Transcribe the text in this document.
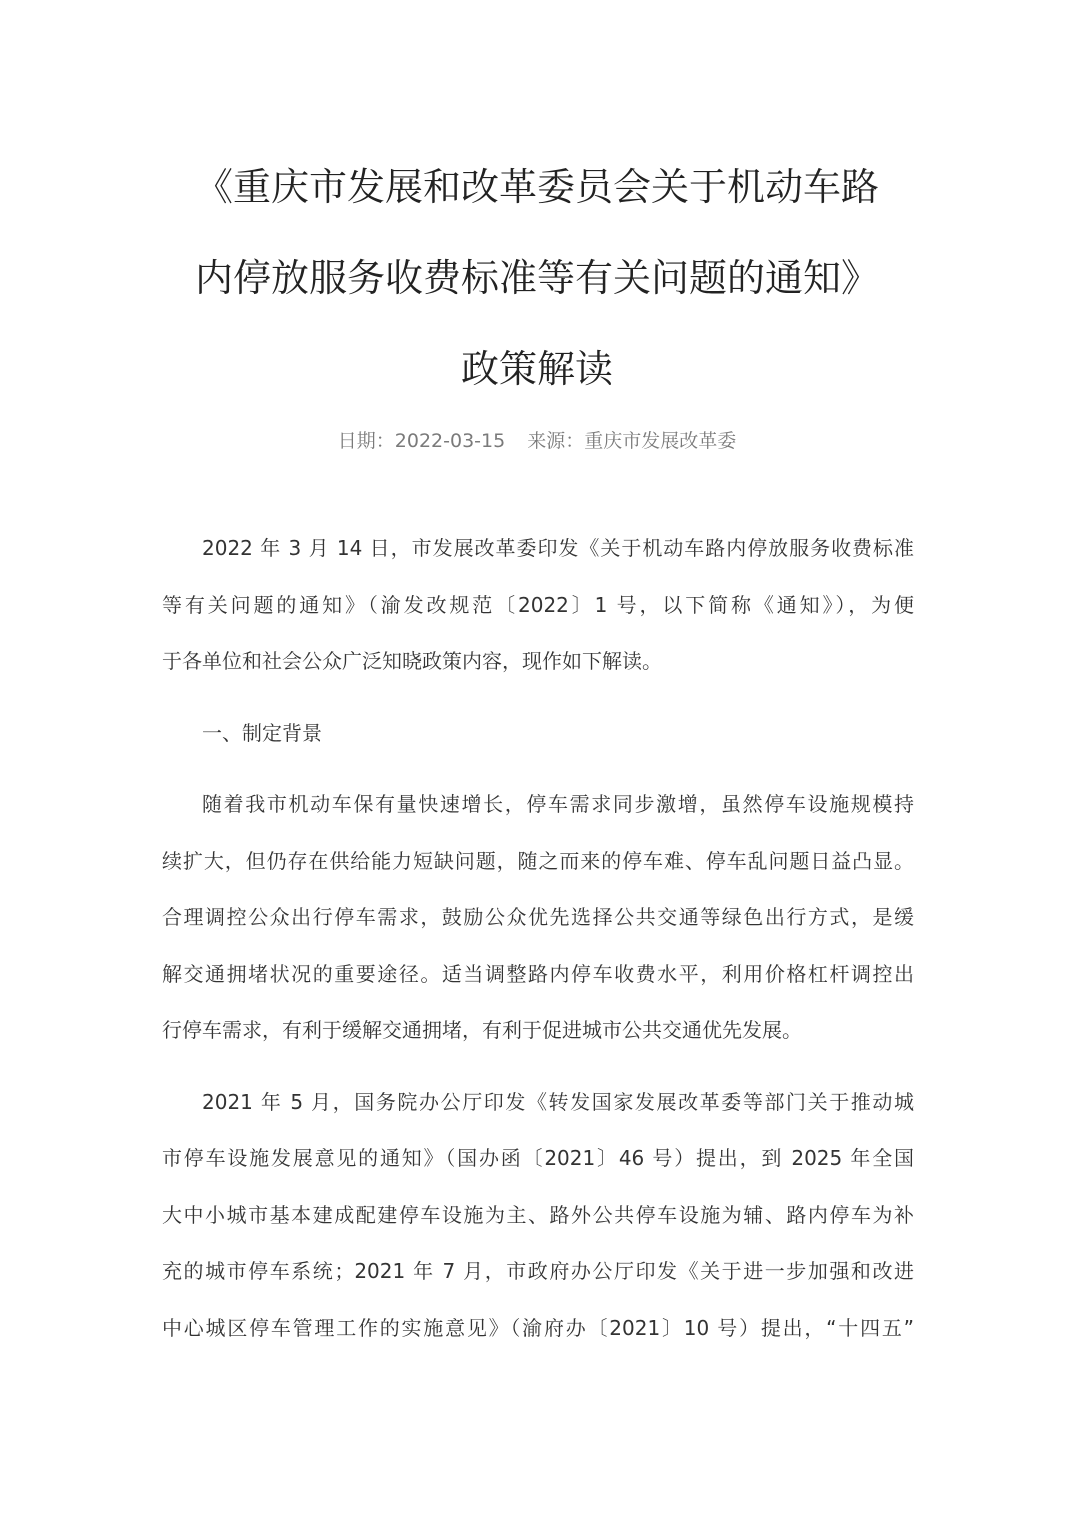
《重庆市发展和改革委员会关于机动车路
内停放服务收费标准等有关问题的通知》
政策解读
日期：2022-03-15 来源：重庆市发展改革委
2022 年 3 月 14 日，市发展改革委印发《关于机动车路内停放服务收费标准
等有关问题的通知》（渝发改规范〔2022〕1 号，以下简称《通知》），为便
于各单位和社会公众广泛知晓政策内容，现作如下解读。
一、制定背景
随着我市机动车保有量快速增长，停车需求同步激增，虽然停车设施规模持
续扩大，但仍存在供给能力短缺问题，随之而来的停车难、停车乱问题日益凸显。
合理调控公众出行停车需求，鼓励公众优先选择公共交通等绿色出行方式，是缓
解交通拥堵状况的重要途径。适当调整路内停车收费水平，利用价格杠杆调控出
行停车需求，有利于缓解交通拥堵，有利于促进城市公共交通优先发展。
2021 年 5 月，国务院办公厅印发《转发国家发展改革委等部门关于推动城
市停车设施发展意见的通知》（国办函〔2021〕46 号）提出，到 2025 年全国
大中小城市基本建成配建停车设施为主、路外公共停车设施为辅、路内停车为补
充的城市停车系统；2021 年 7 月，市政府办公厅印发《关于进一步加强和改进
中心城区停车管理工作的实施意见》（渝府办〔2021〕10 号）提出，“十四五”
